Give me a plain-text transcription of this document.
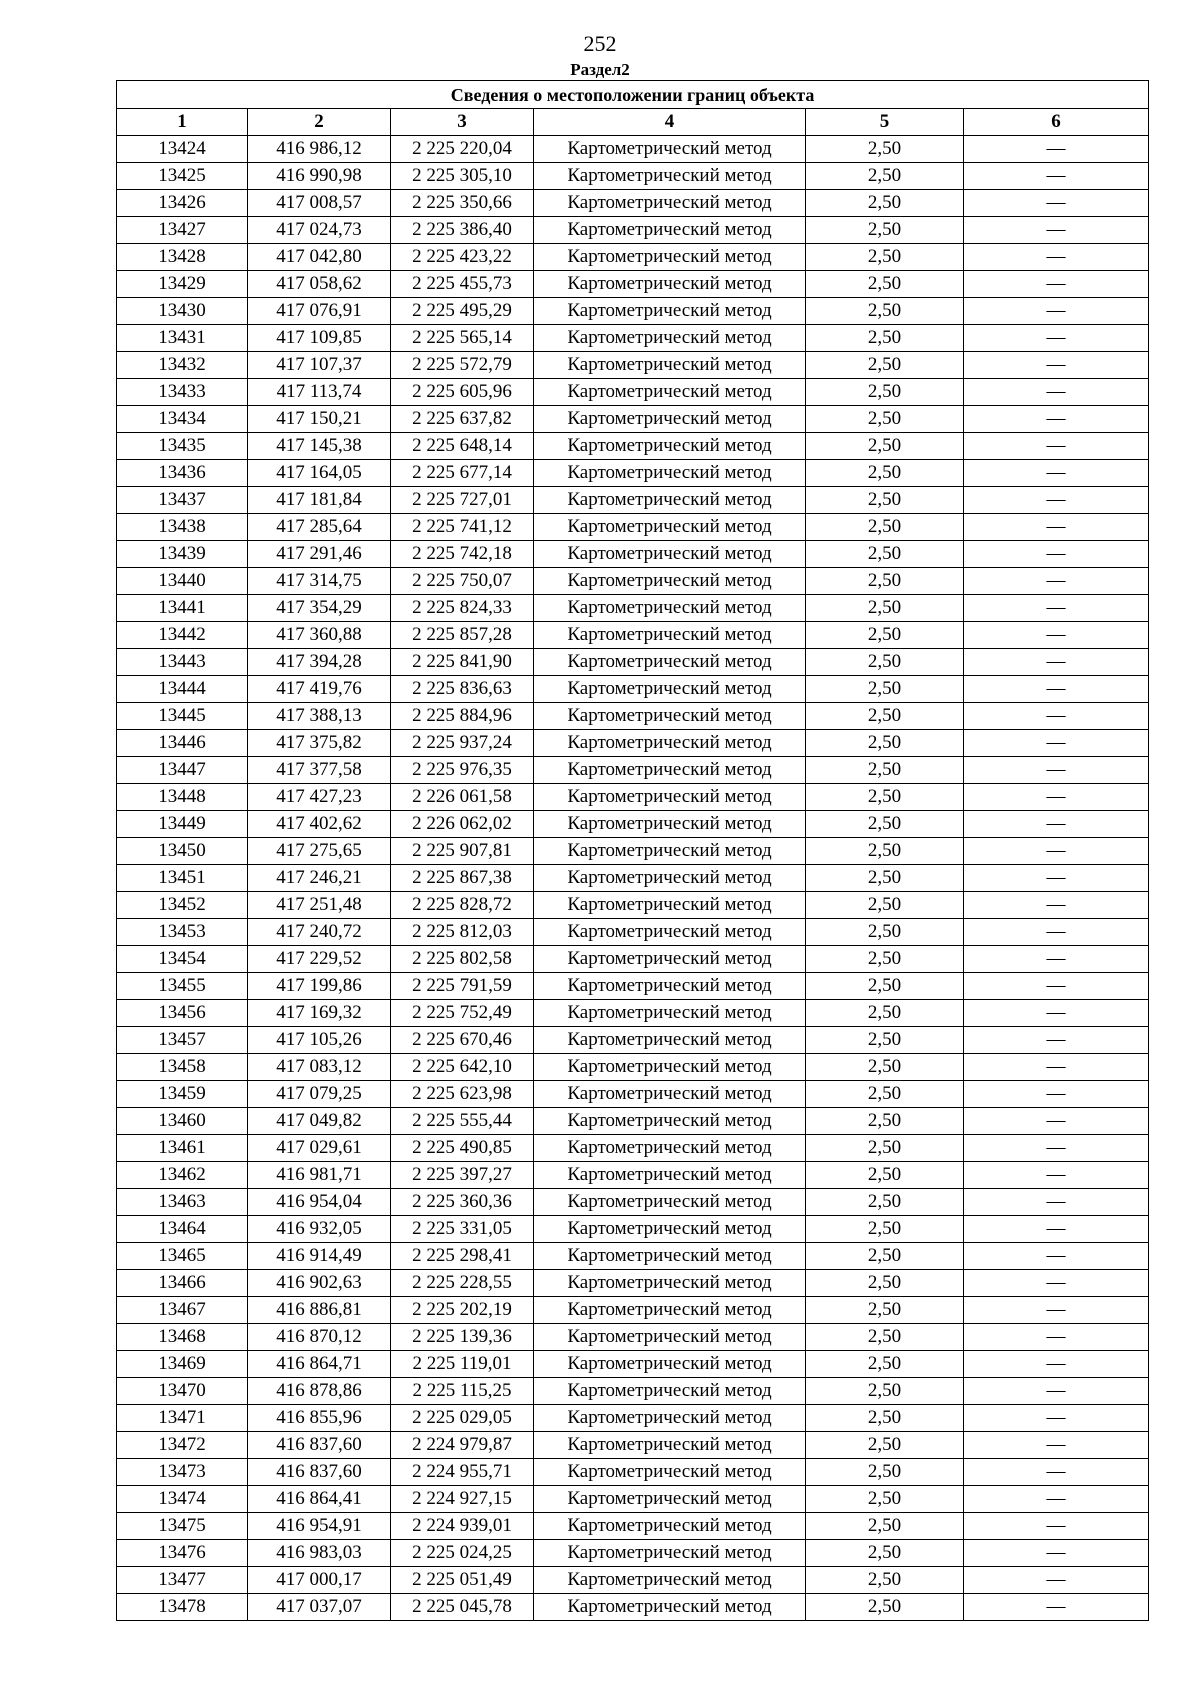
252
Раздел2
Сведения о местоположении границ объекта					
1	2	3	4	5	6
13424	416 986,12	2 225 220,04	Картометрический метод	2,50	—
13425	416 990,98	2 225 305,10	Картометрический метод	2,50	—
13426	417 008,57	2 225 350,66	Картометрический метод	2,50	—
13427	417 024,73	2 225 386,40	Картометрический метод	2,50	—
13428	417 042,80	2 225 423,22	Картометрический метод	2,50	—
13429	417 058,62	2 225 455,73	Картометрический метод	2,50	—
13430	417 076,91	2 225 495,29	Картометрический метод	2,50	—
13431	417 109,85	2 225 565,14	Картометрический метод	2,50	—
13432	417 107,37	2 225 572,79	Картометрический метод	2,50	—
13433	417 113,74	2 225 605,96	Картометрический метод	2,50	—
13434	417 150,21	2 225 637,82	Картометрический метод	2,50	—
13435	417 145,38	2 225 648,14	Картометрический метод	2,50	—
13436	417 164,05	2 225 677,14	Картометрический метод	2,50	—
13437	417 181,84	2 225 727,01	Картометрический метод	2,50	—
13438	417 285,64	2 225 741,12	Картометрический метод	2,50	—
13439	417 291,46	2 225 742,18	Картометрический метод	2,50	—
13440	417 314,75	2 225 750,07	Картометрический метод	2,50	—
13441	417 354,29	2 225 824,33	Картометрический метод	2,50	—
13442	417 360,88	2 225 857,28	Картометрический метод	2,50	—
13443	417 394,28	2 225 841,90	Картометрический метод	2,50	—
13444	417 419,76	2 225 836,63	Картометрический метод	2,50	—
13445	417 388,13	2 225 884,96	Картометрический метод	2,50	—
13446	417 375,82	2 225 937,24	Картометрический метод	2,50	—
13447	417 377,58	2 225 976,35	Картометрический метод	2,50	—
13448	417 427,23	2 226 061,58	Картометрический метод	2,50	—
13449	417 402,62	2 226 062,02	Картометрический метод	2,50	—
13450	417 275,65	2 225 907,81	Картометрический метод	2,50	—
13451	417 246,21	2 225 867,38	Картометрический метод	2,50	—
13452	417 251,48	2 225 828,72	Картометрический метод	2,50	—
13453	417 240,72	2 225 812,03	Картометрический метод	2,50	—
13454	417 229,52	2 225 802,58	Картометрический метод	2,50	—
13455	417 199,86	2 225 791,59	Картометрический метод	2,50	—
13456	417 169,32	2 225 752,49	Картометрический метод	2,50	—
13457	417 105,26	2 225 670,46	Картометрический метод	2,50	—
13458	417 083,12	2 225 642,10	Картометрический метод	2,50	—
13459	417 079,25	2 225 623,98	Картометрический метод	2,50	—
13460	417 049,82	2 225 555,44	Картометрический метод	2,50	—
13461	417 029,61	2 225 490,85	Картометрический метод	2,50	—
13462	416 981,71	2 225 397,27	Картометрический метод	2,50	—
13463	416 954,04	2 225 360,36	Картометрический метод	2,50	—
13464	416 932,05	2 225 331,05	Картометрический метод	2,50	—
13465	416 914,49	2 225 298,41	Картометрический метод	2,50	—
13466	416 902,63	2 225 228,55	Картометрический метод	2,50	—
13467	416 886,81	2 225 202,19	Картометрический метод	2,50	—
13468	416 870,12	2 225 139,36	Картометрический метод	2,50	—
13469	416 864,71	2 225 119,01	Картометрический метод	2,50	—
13470	416 878,86	2 225 115,25	Картометрический метод	2,50	—
13471	416 855,96	2 225 029,05	Картометрический метод	2,50	—
13472	416 837,60	2 224 979,87	Картометрический метод	2,50	—
13473	416 837,60	2 224 955,71	Картометрический метод	2,50	—
13474	416 864,41	2 224 927,15	Картометрический метод	2,50	—
13475	416 954,91	2 224 939,01	Картометрический метод	2,50	—
13476	416 983,03	2 225 024,25	Картометрический метод	2,50	—
13477	417 000,17	2 225 051,49	Картометрический метод	2,50	—
13478	417 037,07	2 225 045,78	Картометрический метод	2,50	—
